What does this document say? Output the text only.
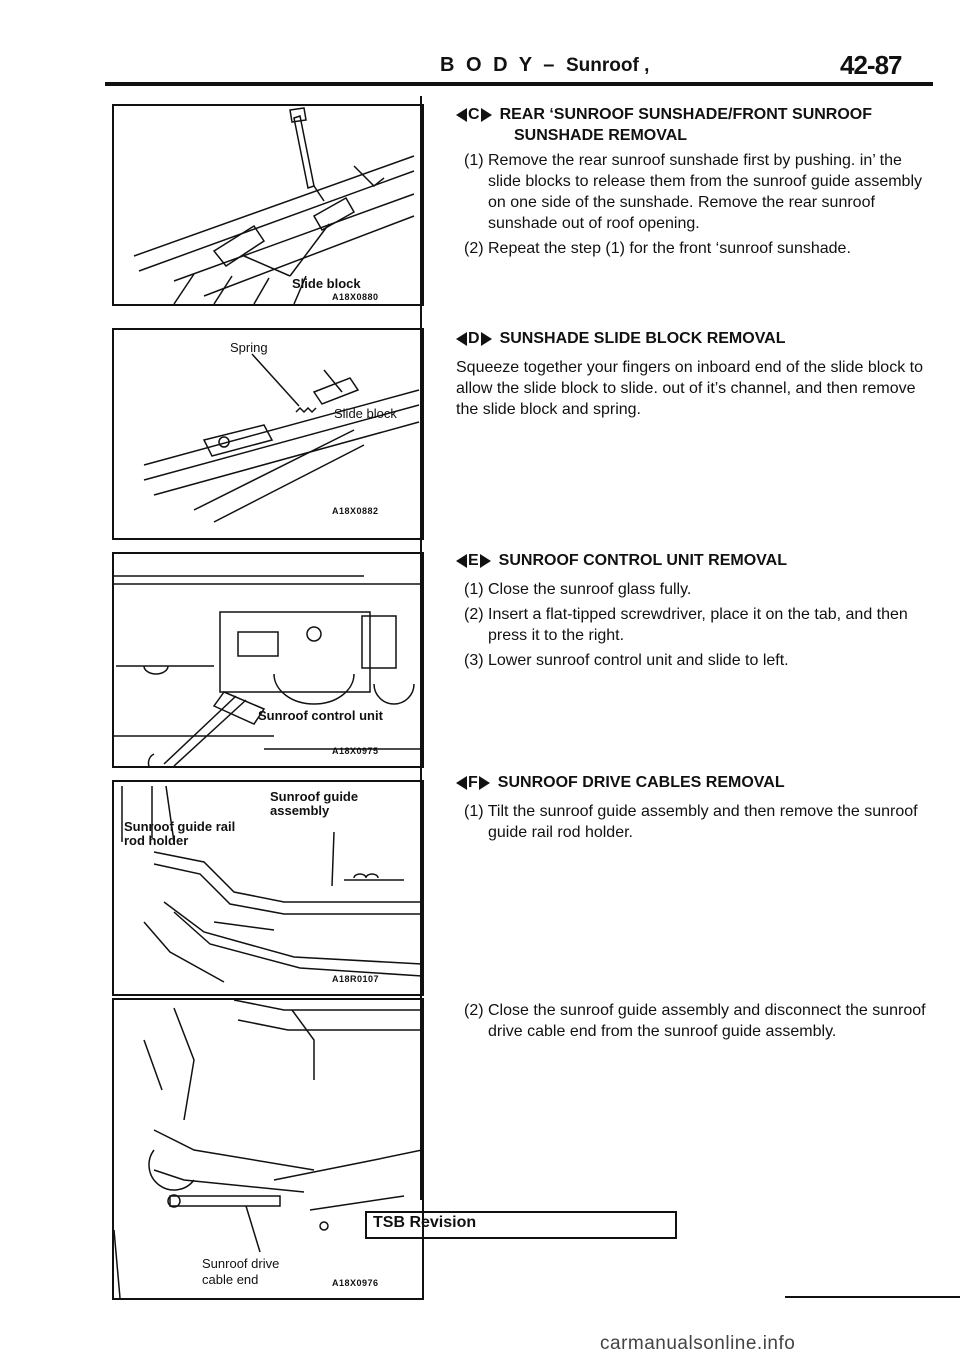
B O D Y – Sunroof ,	42-87
Slide block
A18X0880
Spring
Slide block
A18X0882
Sunroof control unit
A18X0975
Sunroof guide assembly
Sunroof guide rail rod holder
A18R0107
Sunroof drive
cable end	A18X0976
C REAR ‘SUNROOF SUNSHADE/FRONT SUNROOF
SUNSHADE REMOVAL
(1) Remove the rear sunroof sunshade first by pushing. in’ the slide blocks to release them from the sunroof guide assembly on one side of the sunshade. Remove the rear sunroof sunshade out of roof opening.
(2) Repeat the step (1) for the front ‘sunroof sunshade.
D SUNSHADE SLIDE BLOCK REMOVAL
Squeeze together your fingers on inboard end of the slide block to allow the slide block to slide. out of it’s channel, and then remove the slide block and spring.
E SUNROOF CONTROL UNIT REMOVAL
(1) Close the sunroof glass fully.
(2) Insert a flat-tipped screwdriver, place it on the tab, and then press it to the right.
(3) Lower sunroof control unit and slide to left.
F SUNROOF DRIVE CABLES REMOVAL
(1) Tilt the sunroof guide assembly and then remove the sunroof guide rail rod holder.
(2) Close the sunroof guide assembly and disconnect the sunroof drive cable end from the sunroof guide assembly.
TSB Revision
carmanualsonline.info
